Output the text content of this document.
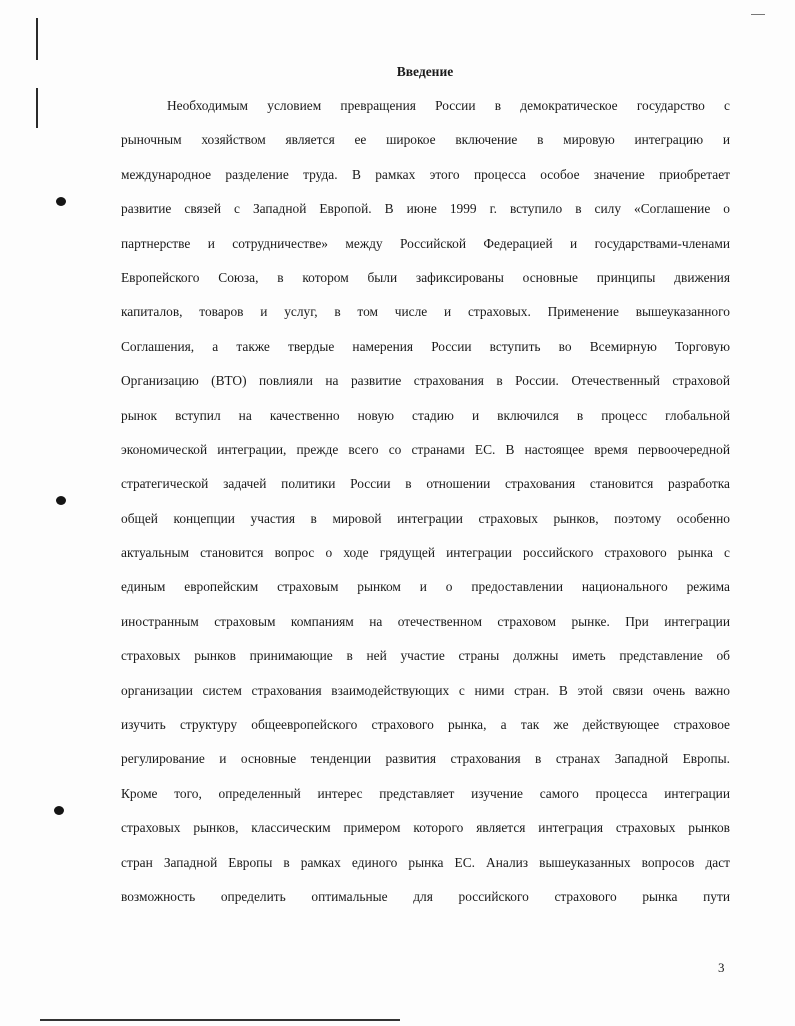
Введение
Необходимым условием превращения России в демократическое государство с
рыночным хозяйством является ее широкое включение в мировую интеграцию и
международное разделение труда. В рамках этого процесса особое значение приобретает
развитие связей с Западной Европой. В июне 1999 г. вступило в силу «Соглашение о
партнерстве и сотрудничестве» между Российской Федерацией и государствами-членами
Европейского Союза, в котором были зафиксированы основные принципы движения
капиталов, товаров и услуг, в том числе и страховых. Применение вышеуказанного
Соглашения, а также твердые намерения России вступить во Всемирную Торговую
Организацию (ВТО) повлияли на развитие страхования в России. Отечественный страховой
рынок вступил на качественно новую стадию и включился в процесс глобальной
экономической интеграции, прежде всего со странами ЕС. В настоящее время первоочередной
стратегической задачей политики России в отношении страхования становится разработка
общей концепции участия в мировой интеграции страховых рынков, поэтому особенно
актуальным становится вопрос о ходе грядущей интеграции российского страхового рынка с
единым европейским страховым рынком и о предоставлении национального режима
иностранным страховым компаниям на отечественном страховом рынке. При интеграции
страховых рынков принимающие в ней участие страны должны иметь представление об
организации систем страхования взаимодействующих с ними стран. В этой связи очень важно
изучить структуру общеевропейского страхового рынка, а так же действующее страховое
регулирование и основные тенденции развития страхования в странах Западной Европы.
Кроме того, определенный интерес представляет изучение самого процесса интеграции
страховых рынков, классическим примером которого является интеграция страховых рынков
стран Западной Европы в рамках единого рынка ЕС. Анализ вышеуказанных вопросов даст
возможность определить оптимальные для российского страхового рынка пути

3
